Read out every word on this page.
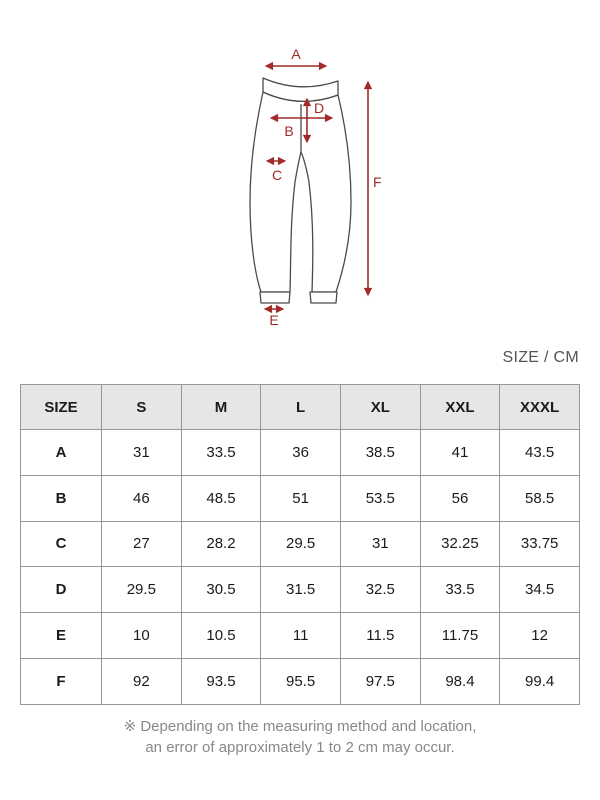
A
B
C
D
E
F
SIZE / CM
SIZE	S	M	L	XL	XXL	XXXL
A	31	33.5	36	38.5	41	43.5
B	46	48.5	51	53.5	56	58.5
C	27	28.2	29.5	31	32.25	33.75
D	29.5	30.5	31.5	32.5	33.5	34.5
E	10	10.5	11	11.5	11.75	12
F	92	93.5	95.5	97.5	98.4	99.4
※ Depending on the measuring method and location,
an error of approximately 1 to 2 cm may occur.
